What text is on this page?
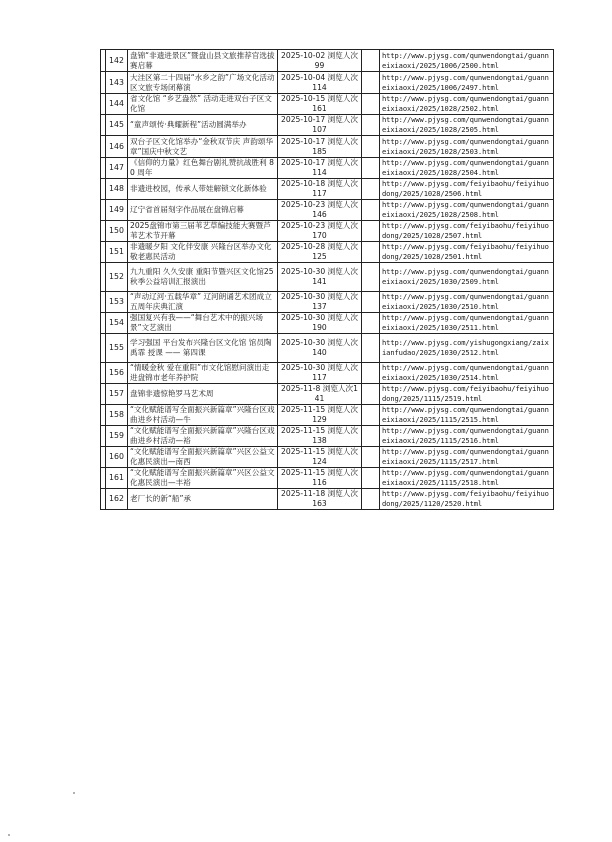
	142	盘锦“非遗进景区”暨盘山县文旅推荐官选拔赛启幕	2025-10-02 浏览人次99		http://www.pjysg.com/qunwendongtai/guanneixiaoxi/2025/1006/2500.html
	143	大洼区第二十四届“水乡之韵”广场文化活动区文旅专场闭幕演	2025-10-04 浏览人次114		http://www.pjysg.com/qunwendongtai/guanneixiaoxi/2025/1006/2497.html
	144	省文化馆 “乡艺盎然” 活动走进双台子区文化馆	2025-10-15 浏览人次161		http://www.pjysg.com/qunwendongtai/guanneixiaoxi/2025/1028/2502.html
	145	“童声颂传·典耀新程”活动圆满举办	2025-10-17 浏览人次107		http://www.pjysg.com/qunwendongtai/guanneixiaoxi/2025/1028/2505.html
	146	双台子区文化馆举办“金秋双节庆 声韵颂华章”国庆中秋文艺	2025-10-17 浏览人次185		http://www.pjysg.com/qunwendongtai/guanneixiaoxi/2025/1028/2503.html
	147	《信仰的力量》红色舞台剧礼赞抗战胜利 80 周年	2025-10-17 浏览人次114		http://www.pjysg.com/qunwendongtai/guanneixiaoxi/2025/1028/2504.html
	148	非遗进校园，传承人带娃解锁文化新体验	2025-10-18 浏览人次117		http://www.pjysg.com/feiyibaohu/feiyihuodong/2025/1028/2506.html
	149	辽宁省首届刻字作品展在盘锦启幕	2025-10-23 浏览人次146		http://www.pjysg.com/qunwendongtai/guanneixiaoxi/2025/1028/2508.html
	150	2025盘锦市第三届苇艺草编技能大赛暨芦苇艺术节开幕	2025-10-23 浏览人次170		http://www.pjysg.com/feiyibaohu/feiyihuodong/2025/1028/2507.html
	151	非遗暖夕阳 文化伴安康 兴隆台区举办文化敬老惠民活动	2025-10-28 浏览人次125		http://www.pjysg.com/feiyibaohu/feiyihuodong/2025/1028/2501.html
	152	九九重阳 久久安康 重阳节暨兴区文化馆25秋季公益培训汇报演出	2025-10-30 浏览人次141		http://www.pjysg.com/qunwendongtai/guanneixiaoxi/2025/1030/2509.html
	153	“声动辽河·五载华章” 辽河朗诵艺术团成立五周年庆典汇演	2025-10-30 浏览人次137		http://www.pjysg.com/qunwendongtai/guanneixiaoxi/2025/1030/2510.html
	154	强国复兴有我——“舞台艺术中的振兴场景”文艺演出	2025-10-30 浏览人次190		http://www.pjysg.com/qunwendongtai/guanneixiaoxi/2025/1030/2511.html
	155	学习强国 平台发布兴隆台区文化馆 馆员陶禹霏 授课 —— 第四课	2025-10-30 浏览人次140		http://www.pjysg.com/yishugongxiang/zaixianfudao/2025/1030/2512.html
	156	“情暖金秋 爱在重阳”市文化馆慰问演出走进盘锦市老年养护院	2025-10-30 浏览人次117		http://www.pjysg.com/qunwendongtai/guanneixiaoxi/2025/1030/2514.html
	157	盘锦非遗惊艳罗马艺术周	2025-11-8 浏览人次141		http://www.pjysg.com/feiyibaohu/feiyihuodong/2025/1115/2519.html
	158	“文化赋能谱写全面振兴新篇章”兴隆台区戏曲进乡村活动—牛	2025-11-15 浏览人次129		http://www.pjysg.com/qunwendongtai/guanneixiaoxi/2025/1115/2515.html
	159	“文化赋能谱写全面振兴新篇章”兴隆台区戏曲进乡村活动—裕	2025-11-15 浏览人次138		http://www.pjysg.com/qunwendongtai/guanneixiaoxi/2025/1115/2516.html
	160	“文化赋能谱写全面振兴新篇章”兴区公益文化惠民演出—南西	2025-11-15 浏览人次124		http://www.pjysg.com/qunwendongtai/guanneixiaoxi/2025/1115/2517.html
	161	“文化赋能谱写全面振兴新篇章”兴区公益文化惠民演出—丰裕	2025-11-15 浏览人次116		http://www.pjysg.com/qunwendongtai/guanneixiaoxi/2025/1115/2518.html
	162	老厂长的新“船”承	2025-11-18 浏览人次163		http://www.pjysg.com/feiyibaohu/feiyihuodong/2025/1120/2520.html
